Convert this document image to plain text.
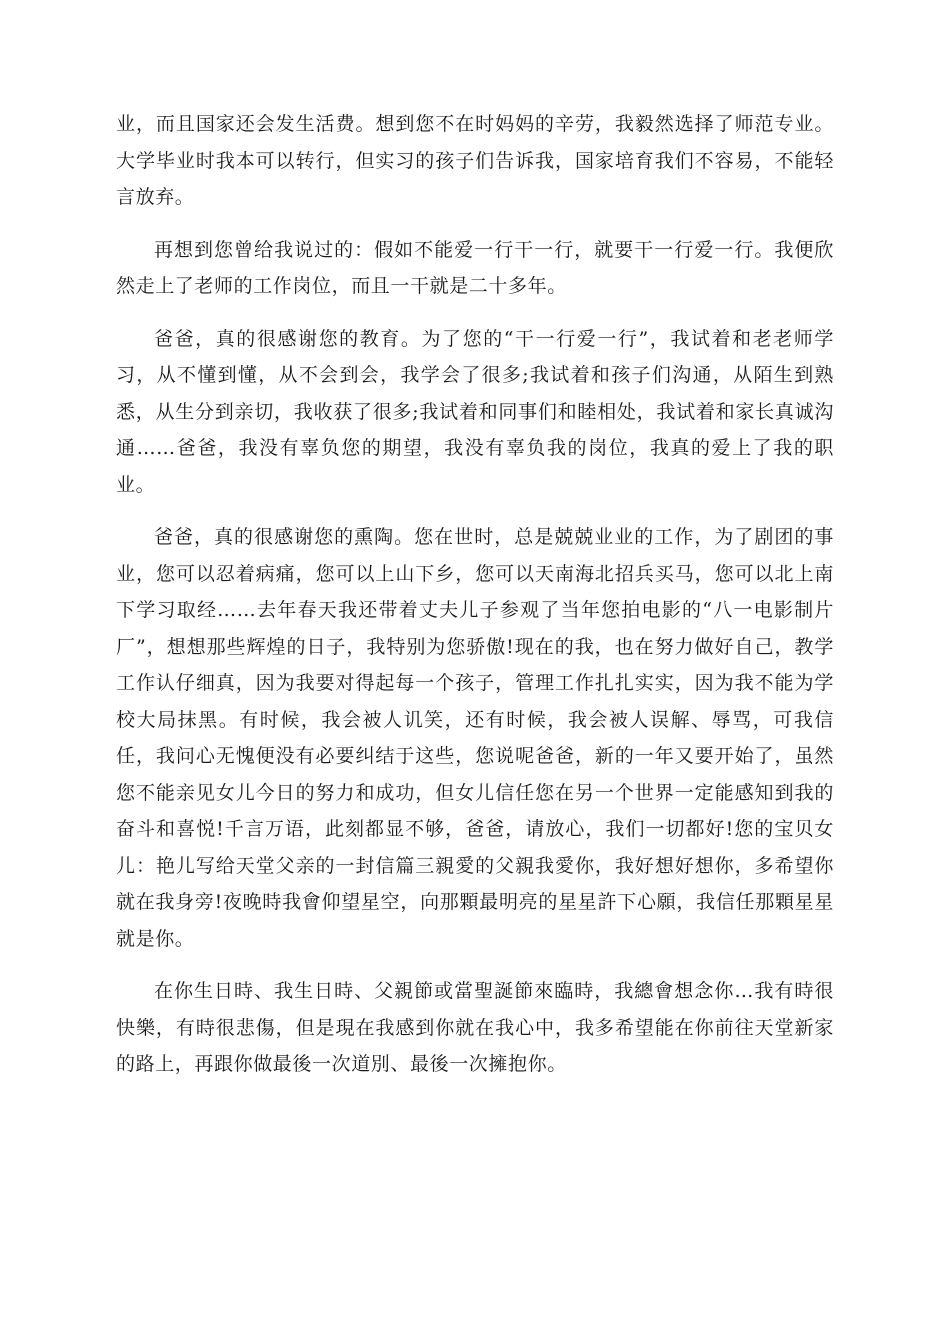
业，而且国家还会发生活费。想到您不在时妈妈的辛劳，我毅然选择了师范专业。大学毕业时我本可以转行，但实习的孩子们告诉我，国家培育我们不容易，不能轻言放弃。

再想到您曾给我说过的：假如不能爱一行干一行，就要干一行爱一行。我便欣然走上了老师的工作岗位，而且一干就是二十多年。

爸爸，真的很感谢您的教育。为了您的“干一行爱一行”，我试着和老老师学习，从不懂到懂，从不会到会，我学会了很多;我试着和孩子们沟通，从陌生到熟悉，从生分到亲切，我收获了很多;我试着和同事们和睦相处，我试着和家长真诚沟通……爸爸，我没有辜负您的期望，我没有辜负我的岗位，我真的爱上了我的职业。

爸爸，真的很感谢您的熏陶。您在世时，总是兢兢业业的工作，为了剧团的事业，您可以忍着病痛，您可以上山下乡，您可以天南海北招兵买马，您可以北上南下学习取经……去年春天我还带着丈夫儿子参观了当年您拍电影的“八一电影制片厂”，想想那些辉煌的日子，我特别为您骄傲!现在的我，也在努力做好自己，教学工作认仔细真，因为我要对得起每一个孩子，管理工作扎扎实实，因为我不能为学校大局抹黑。有时候，我会被人讥笑，还有时候，我会被人误解、辱骂，可我信任，我问心无愧便没有必要纠结于这些，您说呢爸爸，新的一年又要开始了，虽然您不能亲见女儿今日的努力和成功，但女儿信任您在另一个世界一定能感知到我的奋斗和喜悦!千言万语，此刻都显不够，爸爸，请放心，我们一切都好!您的宝贝女儿：艳儿写给天堂父亲的一封信篇三親愛的父親我愛你，我好想好想你，多希望你就在我身旁!夜晚時我會仰望星空，向那顆最明亮的星星許下心願，我信任那顆星星就是你。

在你生日時、我生日時、父親節或當聖誕節來臨時，我總會想念你…我有時很快樂，有時很悲傷，但是現在我感到你就在我心中，我多希望能在你前往天堂新家的路上，再跟你做最後一次道別、最後一次擁抱你。
